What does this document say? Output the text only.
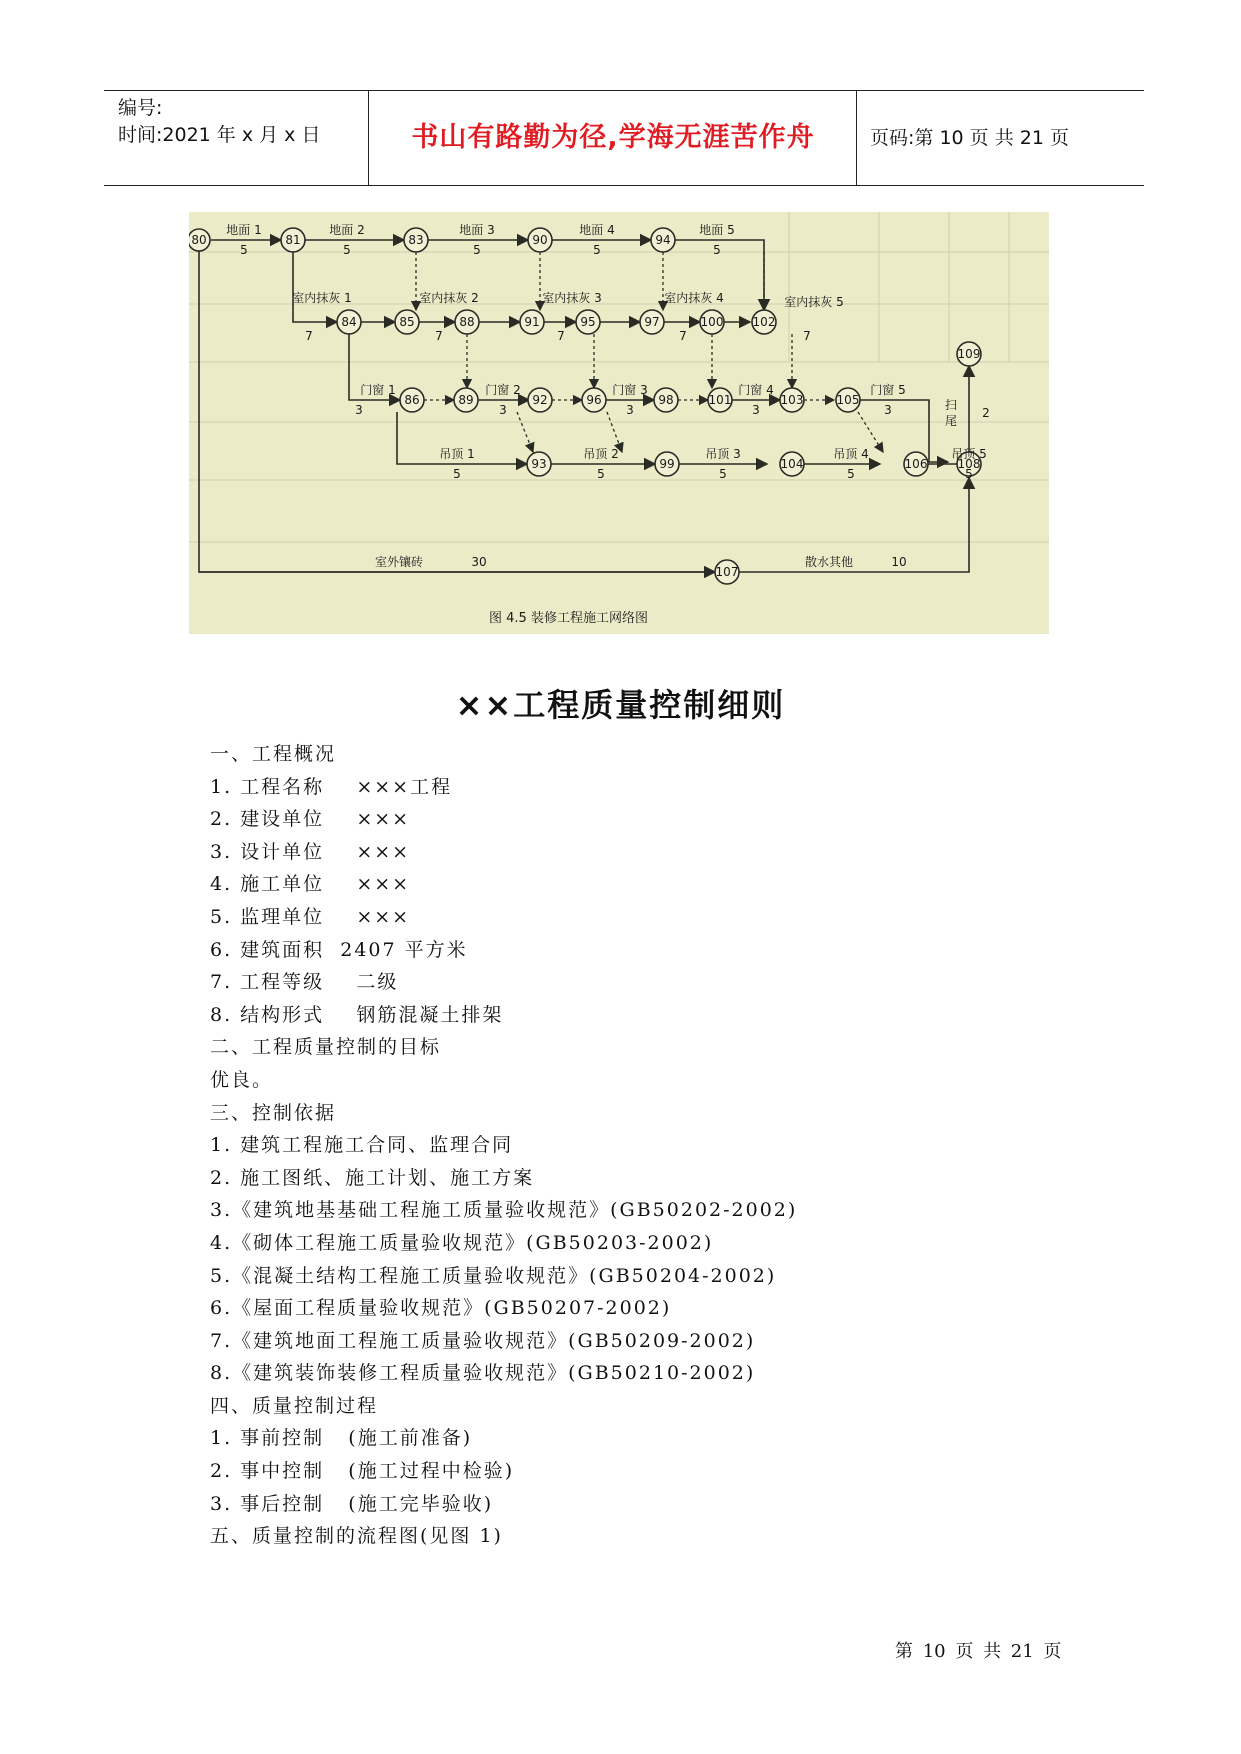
编号:
时间:2021 年 x 月 x 日	书山有路勤为径,学海无涯苦作舟	页码:第 10 页 共 21 页
80	81	83	90	94
84	85	88	91	95	97	100 102
86	89	92	96	98	101	103	105
93	99	104	106	108
109
107
地面 1
5
地面 2
5
地面 3
5
地面 4
5
地面 5
5
室内抹灰 1
7
室内抹灰 2
7
室内抹灰 3
7
室内抹灰 4
7
室内抹灰 5
7
门窗 1
3
门窗 2
3
门窗 3
3
门窗 4
3
门窗 5
3
吊顶 1
5
吊顶 2
5
吊顶 3
5
吊顶 4
5
吊顶 5
5
扫
尾
2
室外镶砖	30	散水其他	10
图 4.5 装修工程施工网络图
××工程质量控制细则
一、工程概况
1. 工程名称    ×××工程
2. 建设单位    ×××
3. 设计单位    ×××
4. 施工单位    ×××
5. 监理单位    ×××
6. 建筑面积  2407 平方米
7. 工程等级    二级
8. 结构形式    钢筋混凝土排架
二、工程质量控制的目标
优良。
三、控制依据
1. 建筑工程施工合同、监理合同
2. 施工图纸、施工计划、施工方案
3.《建筑地基基础工程施工质量验收规范》(GB50202-2002)
4.《砌体工程施工质量验收规范》(GB50203-2002)
5.《混凝土结构工程施工质量验收规范》(GB50204-2002)
6.《屋面工程质量验收规范》(GB50207-2002)
7.《建筑地面工程施工质量验收规范》(GB50209-2002)
8.《建筑装饰装修工程质量验收规范》(GB50210-2002)
四、质量控制过程
1. 事前控制   (施工前准备)
2. 事中控制   (施工过程中检验)
3. 事后控制   (施工完毕验收)
五、质量控制的流程图(见图 1)
第 10 页 共 21 页
